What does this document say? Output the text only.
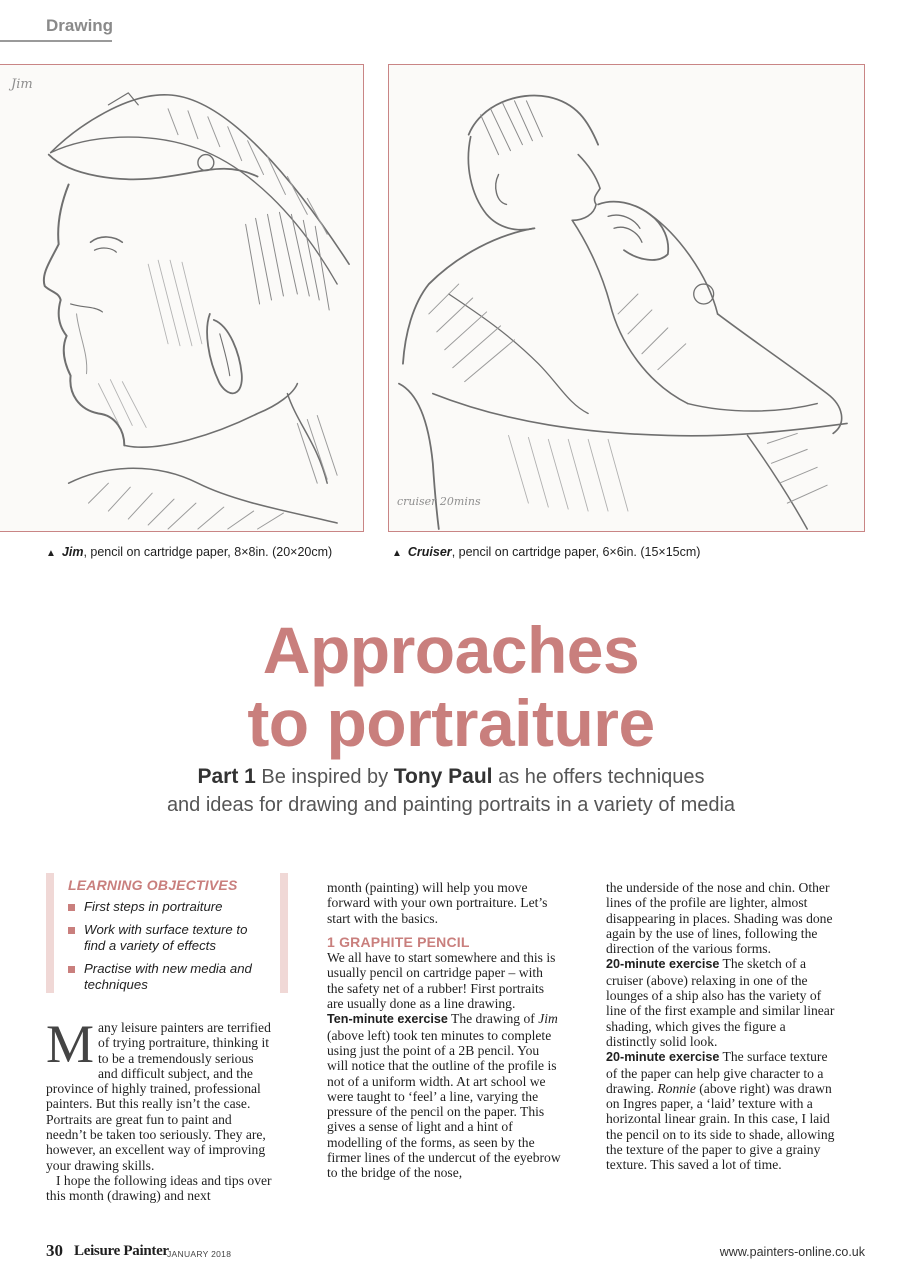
Drawing
Jim
cruiser 20mins
▲ Jim, pencil on cartridge paper, 8×8in. (20×20cm)	▲ Cruiser, pencil on cartridge paper, 6×6in. (15×15cm)
Approaches
to portraiture
Part 1 Be inspired by Tony Paul as he offers techniques
and ideas for drawing and painting portraits in a variety of media
LEARNING OBJECTIVES
First steps in portraiture
Work with surface texture to find a variety of effects
Practise with new media and techniques

Many leisure painters are terrified of trying portraiture, thinking it to be a tremendously serious and difficult subject, and the province of highly trained, professional painters. But this really isn’t the case. Portraits are great fun to paint and needn’t be taken too seriously. They are, however, an excellent way of improving your drawing skills.

I hope the following ideas and tips over this month (drawing) and next

month (painting) will help you move forward with your own portraiture. Let’s start with the basics.

1 GRAPHITE PENCIL

We all have to start somewhere and this is usually pencil on cartridge paper – with the safety net of a rubber! First portraits are usually done as a line drawing.

Ten-minute exercise The drawing of Jim (above left) took ten minutes to complete using just the point of a 2B pencil. You will notice that the outline of the profile is not of a uniform width. At art school we were taught to ‘feel’ a line, varying the pressure of the pencil on the paper. This gives a sense of light and a hint of modelling of the forms, as seen by the firmer lines of the undercut of the eyebrow to the bridge of the nose,

the underside of the nose and chin. Other lines of the profile are lighter, almost disappearing in places. Shading was done again by the use of lines, following the direction of the various forms.

20-minute exercise The sketch of a cruiser (above) relaxing in one of the lounges of a ship also has the variety of line of the first example and similar linear shading, which gives the figure a distinctly solid look.

20-minute exercise The surface texture of the paper can help give character to a drawing. Ronnie (above right) was drawn on Ingres paper, a ‘laid’ texture with a horizontal linear grain. In this case, I laid the pencil on to its side to shade, allowing the texture of the paper to give a grainy texture. This saved a lot of time.

30 Leisure Painter
JANUARY 2018	www.painters-online.co.uk
